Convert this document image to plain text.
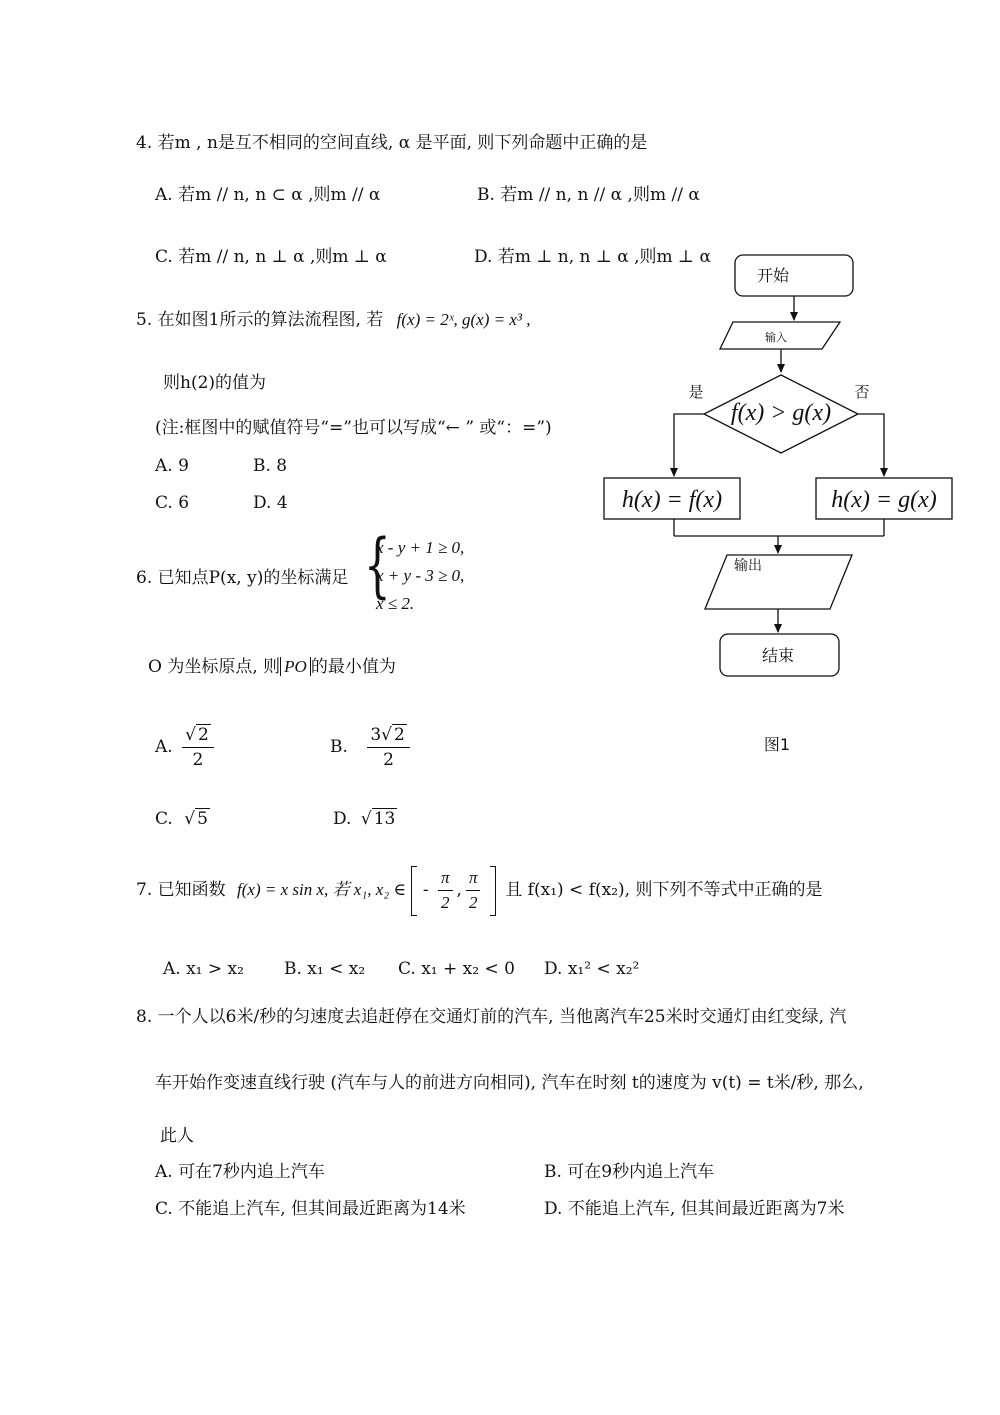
4. 若m , n是互不相同的空间直线, α 是平面, 则下列命题中正确的是
A. 若m // n, n ⊂ α ,则m // α	B. 若m // n, n // α ,则m // α
C. 若m // n, n ⊥ α ,则m ⊥ α	D. 若m ⊥ n, n ⊥ α ,则m ⊥ α
5. 在如图1所示的算法流程图, 若 f(x) = 2ˣ, g(x) = x³ ,
则h(2)的值为
(注:框图中的赋值符号“=”也可以写成“← ” 或“：=”)
A. 9	B. 8
C. 6	D. 4
6. 已知点P(x, y)的坐标满足 {
x - y + 1 ≥ 0,
x + y - 3 ≥ 0,
x ≤ 2.
O 为坐标原点, 则 PO 的最小值为
A. √ $\frac{2}{2}$	B. $\frac{3 √ 2}{2}$
C. √ 5	D. √ 13
7. 已知函数 f(x) = x sin x, 若 x₁, x₂ ∈ - $\frac{\pi}{2}$ , $\frac{\pi}{2}$ 且 f(x₁) < f(x₂), 则下列不等式中正确的是
A. x₁ > x₂ B. x₁ < x₂ C. x₁ + x₂ < 0 D. x₁² < x₂²
8. 一个人以6米/秒的匀速度去追赶停在交通灯前的汽车, 当他离汽车25米时交通灯由红变绿, 汽
车开始作变速直线行驶 (汽车与人的前进方向相同), 汽车在时刻 t的速度为 v(t) = t米/秒, 那么,
此人
A. 可在7秒内追上汽车	B. 可在9秒内追上汽车
C. 不能追上汽车, 但其间最近距离为14米	D. 不能追上汽车, 但其间最近距离为7米
开始
输入
f(x) > g(x)
是	否
h(x) = f(x)	h(x) = g(x)
输出
结束
图1
